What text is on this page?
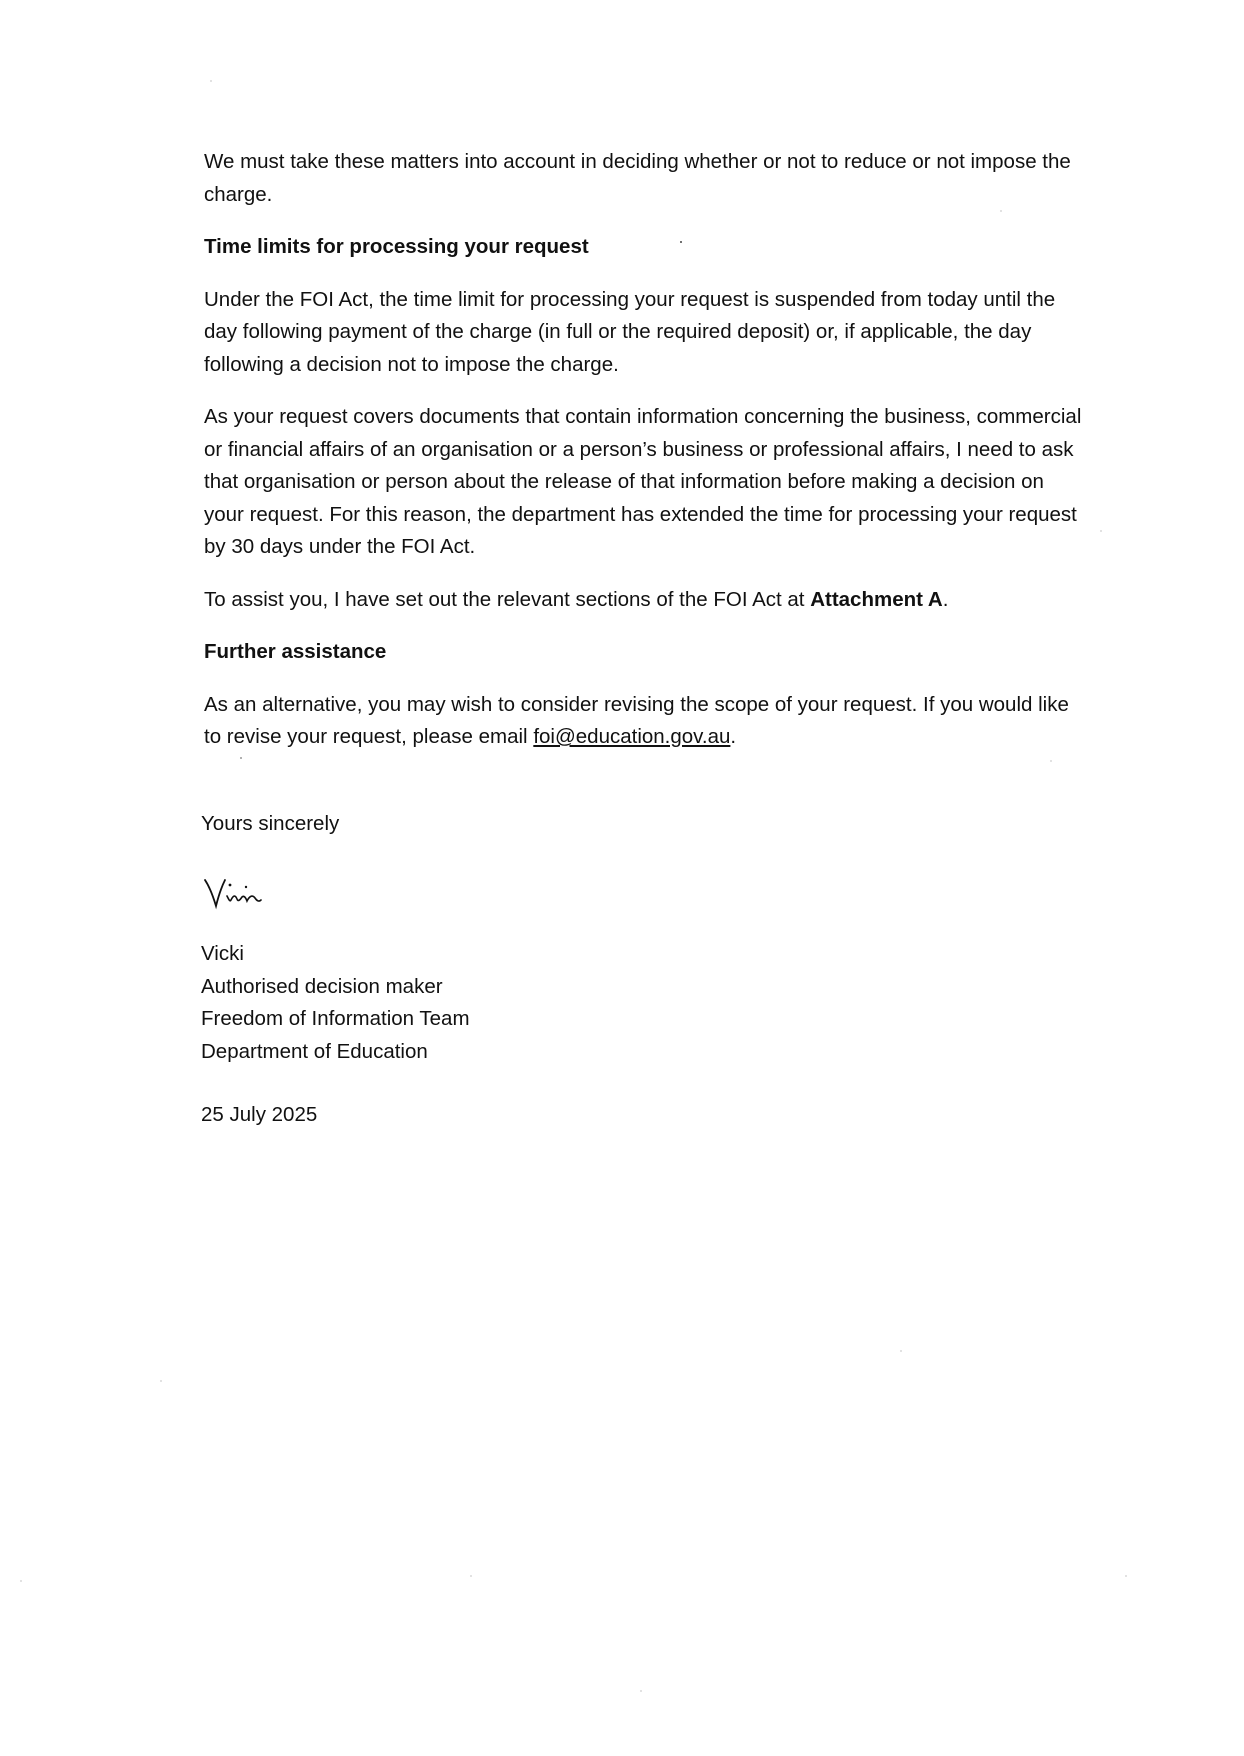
We must take these matters into account in deciding whether or not to reduce or not impose the charge.

Time limits for processing your request

Under the FOI Act, the time limit for processing your request is suspended from today until the day following payment of the charge (in full or the required deposit) or, if applicable, the day following a decision not to impose the charge.

As your request covers documents that contain information concerning the business, commercial or financial affairs of an organisation or a person’s business or professional affairs, I need to ask that organisation or person about the release of that information before making a decision on your request. For this reason, the department has extended the time for processing your request by 30 days under the FOI Act.

To assist you, I have set out the relevant sections of the FOI Act at Attachment A.

Further assistance

As an alternative, you may wish to consider revising the scope of your request. If you would like to revise your request, please email foi@education.gov.au.

Yours sincerely
Vicki
Authorised decision maker
Freedom of Information Team
Department of Education
25 July 2025
